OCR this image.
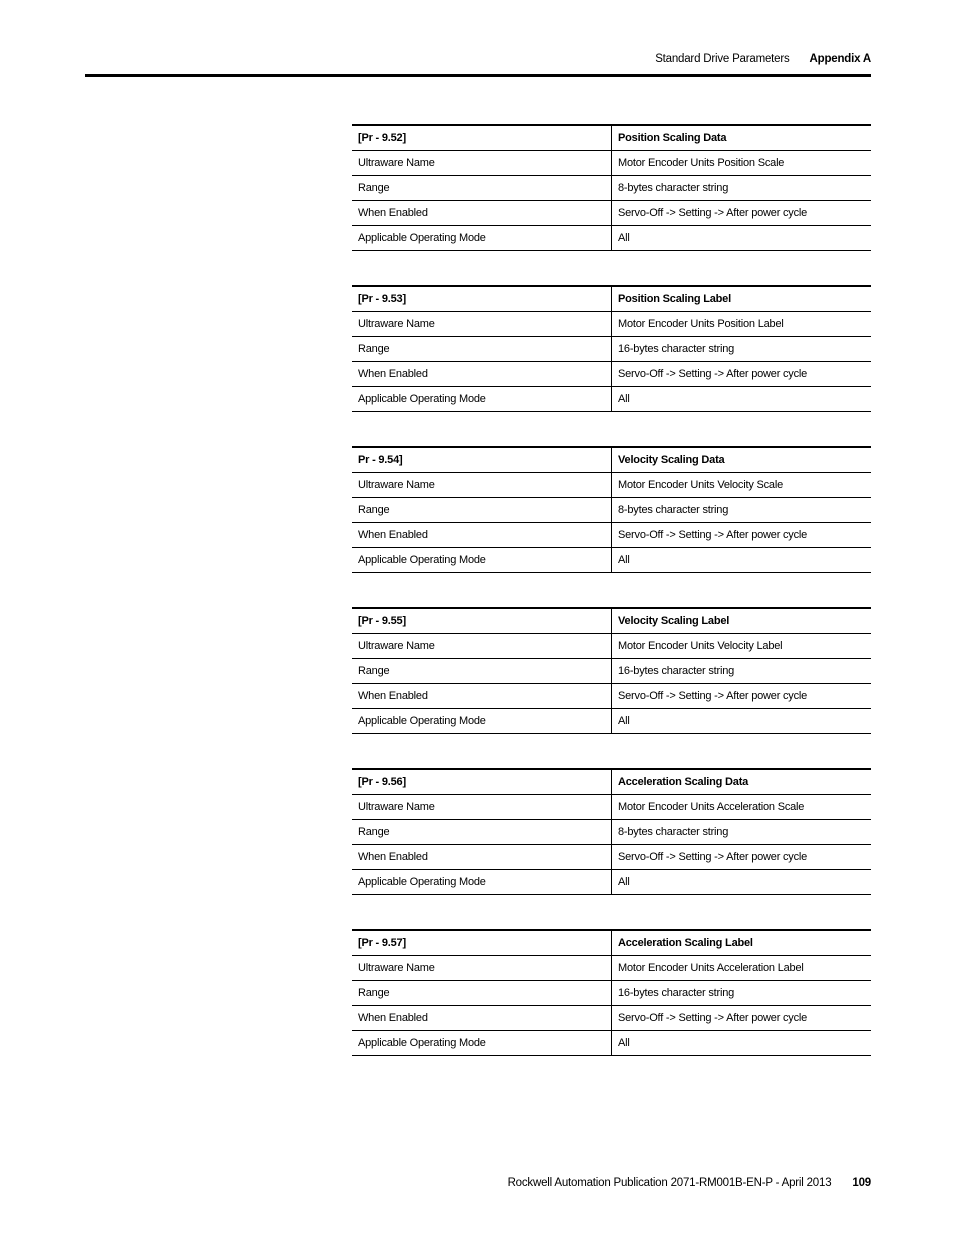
Standard Drive Parameters Appendix A
[Pr - 9.52]	Position Scaling Data
Ultraware Name	Motor Encoder Units Position Scale
Range	8-bytes character string
When Enabled	Servo-Off -> Setting -> After power cycle
Applicable Operating Mode	All
[Pr - 9.53]	Position Scaling Label
Ultraware Name	Motor Encoder Units Position Label
Range	16-bytes character string
When Enabled	Servo-Off -> Setting -> After power cycle
Applicable Operating Mode	All
Pr - 9.54]	Velocity Scaling Data
Ultraware Name	Motor Encoder Units Velocity Scale
Range	8-bytes character string
When Enabled	Servo-Off -> Setting -> After power cycle
Applicable Operating Mode	All
[Pr - 9.55]	Velocity Scaling Label
Ultraware Name	Motor Encoder Units Velocity Label
Range	16-bytes character string
When Enabled	Servo-Off -> Setting -> After power cycle
Applicable Operating Mode	All
[Pr - 9.56]	Acceleration Scaling Data
Ultraware Name	Motor Encoder Units Acceleration Scale
Range	8-bytes character string
When Enabled	Servo-Off -> Setting -> After power cycle
Applicable Operating Mode	All
[Pr - 9.57]	Acceleration Scaling Label
Ultraware Name	Motor Encoder Units Acceleration Label
Range	16-bytes character string
When Enabled	Servo-Off -> Setting -> After power cycle
Applicable Operating Mode	All
Rockwell Automation Publication 2071-RM001B-EN-P - April 2013 109
